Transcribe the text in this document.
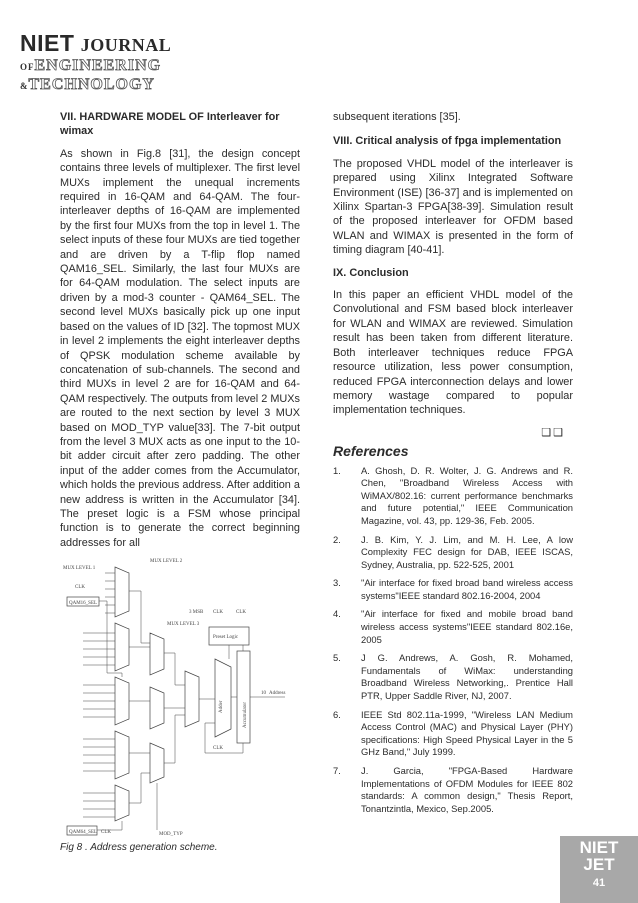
NIET JOURNAL
OFENGINEERING
&TECHNOLOGY
VII. HARDWARE MODEL OF Interleaver for wimax

As shown in Fig.8 [31], the design concept contains three levels of multiplexer. The first level MUXs implement the unequal increments required in 16-QAM and 64-QAM. The four-interleaver depths of 16-QAM are implemented by the first four MUXs from the top in level 1. The select inputs of these four MUXs are tied together and are driven by a T-flip flop named QAM16_SEL. Similarly, the last four MUXs are for 64-QAM modulation. The select inputs are driven by a mod-3 counter - QAM64_SEL. The second level MUXs basically pick up one input based on the values of ID [32]. The topmost MUX in level 2 implements the eight interleaver depths of QPSK modulation scheme available by concatenation of sub-channels. The second and third MUXs in level 2 are for 16-QAM and 64-QAM respectively. The outputs from level 2 MUXs are routed to the next section by level 3 MUX based on MOD_TYP value[33]. The 7-bit output from the level 3 MUX acts as one input to the 10-bit adder circuit after zero padding. The other input of the adder comes from the Accumulator, which holds the previous address. After addition a new address is written in the Accumulator [34]. The preset logic is a FSM whose principal function is to generate the correct beginning addresses for all

MUX LEVEL 2
MUX LEVEL 1
CLK
QAM16_SEL
MUX LEVEL 3
3 MSB CLK	CLK
Preset Logic
Adder	Accumulator
10 Address
CLK
QAM64_SEL CLK	MOD_TYP
Fig 8 . Address generation scheme.

subsequent iterations [35].

VIII. Critical analysis of fpga implementation

The proposed VHDL model of the interleaver is prepared using Xilinx Integrated Software Environment (ISE) [36-37] and is implemented on Xilinx Spartan-3 FPGA[38-39]. Simulation result of the proposed interleaver for OFDM based WLAN and WIMAX is presented in the form of timing diagram [40-41].

IX. Conclusion

In this paper an efficient VHDL model of the Convolutional and FSM based block interleaver for WLAN and WIMAX are reviewed. Simulation result has been taken from different literature. Both interleaver techniques reduce FPGA resource utilization, less power consumption, reduced FPGA interconnection delays and lower memory wastage compared to popular implementation techniques.

❑❑
References
1.	A. Ghosh, D. R. Wolter, J. G. Andrews and R. Chen, "Broadband Wireless Access with WiMAX/802.16: current performance benchmarks and future potential," IEEE Communication Magazine, vol. 43, pp. 129-36, Feb. 2005.
2.	J. B. Kim, Y. J. Lim, and M. H. Lee, A low Complexity FEC design for DAB, IEEE ISCAS, Sydney, Australia, pp. 522-525, 2001
3.	"Air interface for fixed broad band wireless access systems"IEEE standard 802.16-2004, 2004
4.	"Air interface for fixed and mobile broad band wireless access systems"IEEE standard 802.16e, 2005
5.	J G. Andrews, A. Gosh, R. Mohamed, Fundamentals of WiMax: understanding Broadband Wireless Networking,. Prentice Hall PTR, Upper Saddle River, NJ, 2007.
6.	IEEE Std 802.11a-1999, "Wireless LAN Medium Access Control (MAC) and Physical Layer (PHY) specifications: High Speed Physical Layer in the 5 GHz Band," July 1999.
7.	J. Garcia, "FPGA-Based Hardware Implementations of OFDM Modules for IEEE 802 standards: A common design," Thesis Report, Tonantzintla, Mexico, Sep.2005.
NIET
JET
41
